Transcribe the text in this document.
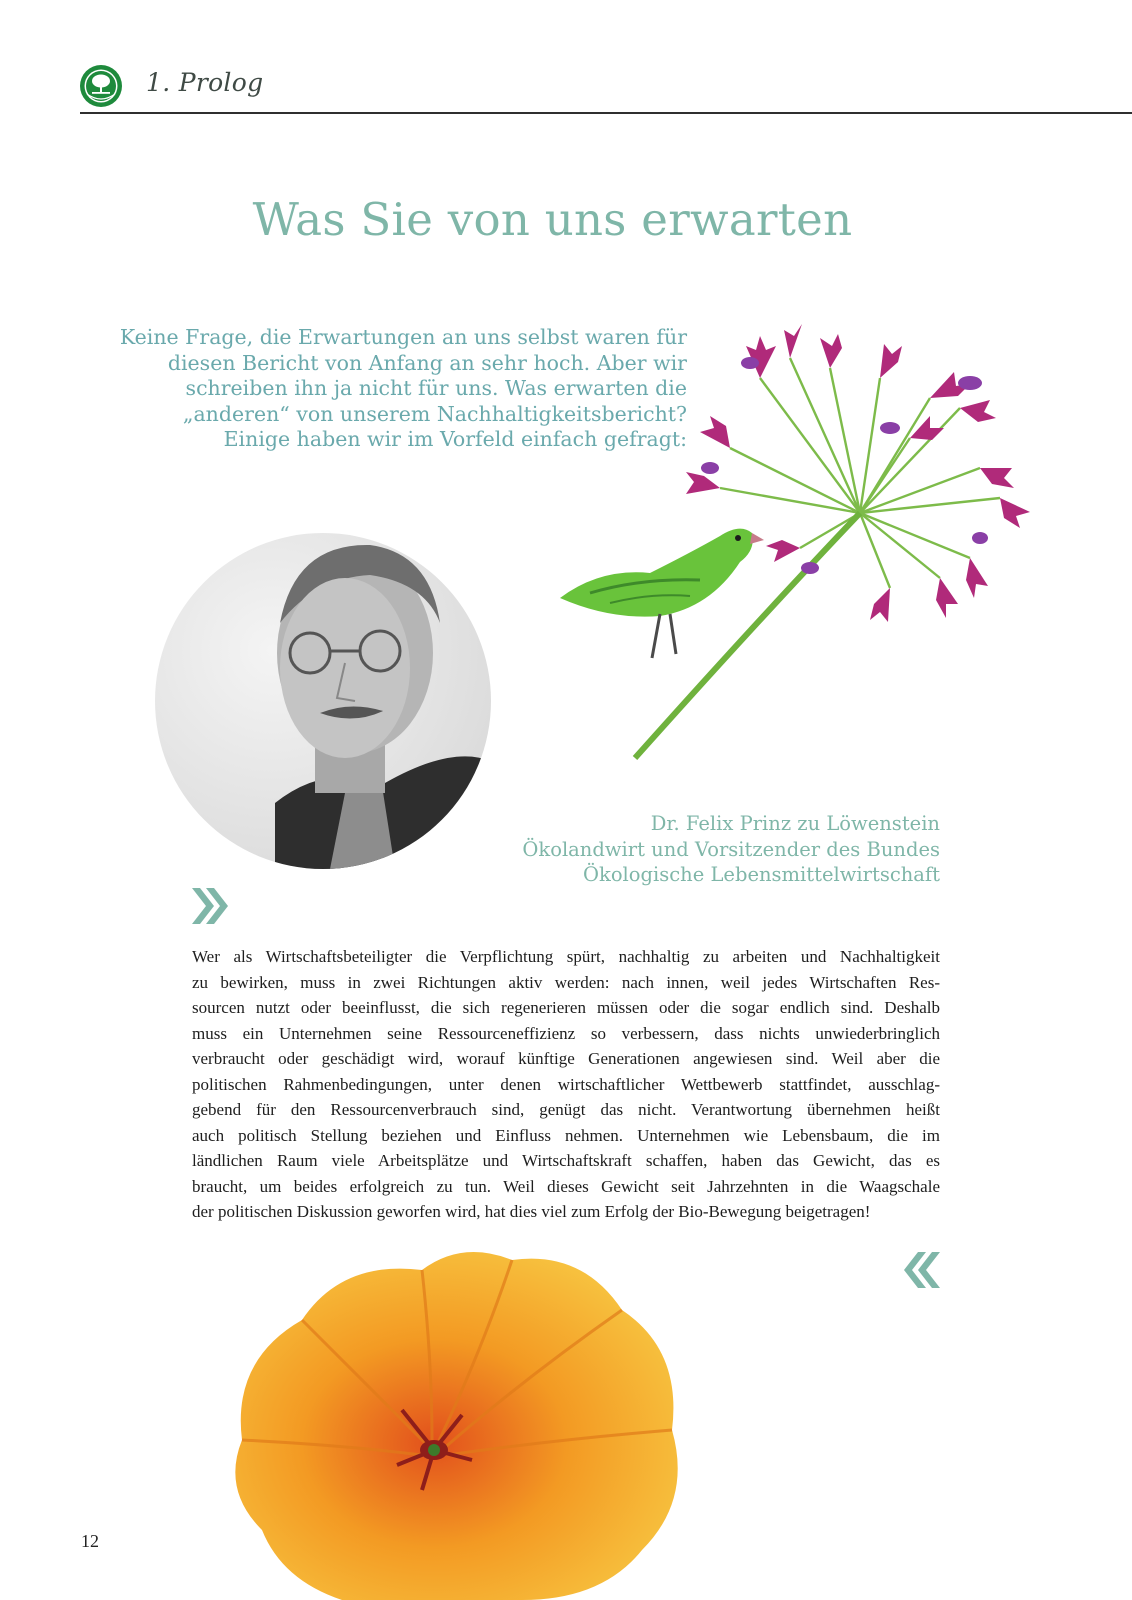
1. Prolog
Was Sie von uns erwarten
Keine Frage, die Erwartungen an uns selbst waren für
diesen Bericht von Anfang an sehr hoch. Aber wir
schreiben ihn ja nicht für uns. Was erwarten die
„anderen“ von unserem Nachhaltigkeitsbericht?
Einige haben wir im Vorfeld einfach gefragt:
Dr. Felix Prinz zu Löwenstein
Ökolandwirt und Vorsitzender des Bundes
Ökologische Lebensmittelwirtschaft
Wer als Wirtschaftsbeteiligter die Verpflichtung spürt, nachhaltig zu arbeiten und Nachhaltigkeit
zu bewirken, muss in zwei Richtungen aktiv werden: nach innen, weil jedes Wirtschaften Res-
sourcen nutzt oder beeinflusst, die sich regenerieren müssen oder die sogar endlich sind. Deshalb
muss ein Unternehmen seine Ressourceneffizienz so verbessern, dass nichts unwiederbringlich
verbraucht oder geschädigt wird, worauf künftige Generationen angewiesen sind. Weil aber die
politischen Rahmenbedingungen, unter denen wirtschaftlicher Wettbewerb stattfindet, ausschlag-
gebend für den Ressourcenverbrauch sind, genügt das nicht. Verantwortung übernehmen heißt
auch politisch Stellung beziehen und Einfluss nehmen. Unternehmen wie Lebensbaum, die im
ländlichen Raum viele Arbeitsplätze und Wirtschaftskraft schaffen, haben das Gewicht, das es
braucht, um beides erfolgreich zu tun. Weil dieses Gewicht seit Jahrzehnten in die Waagschale
der politischen Diskussion geworfen wird, hat dies viel zum Erfolg der Bio-Bewegung beigetragen!
12
